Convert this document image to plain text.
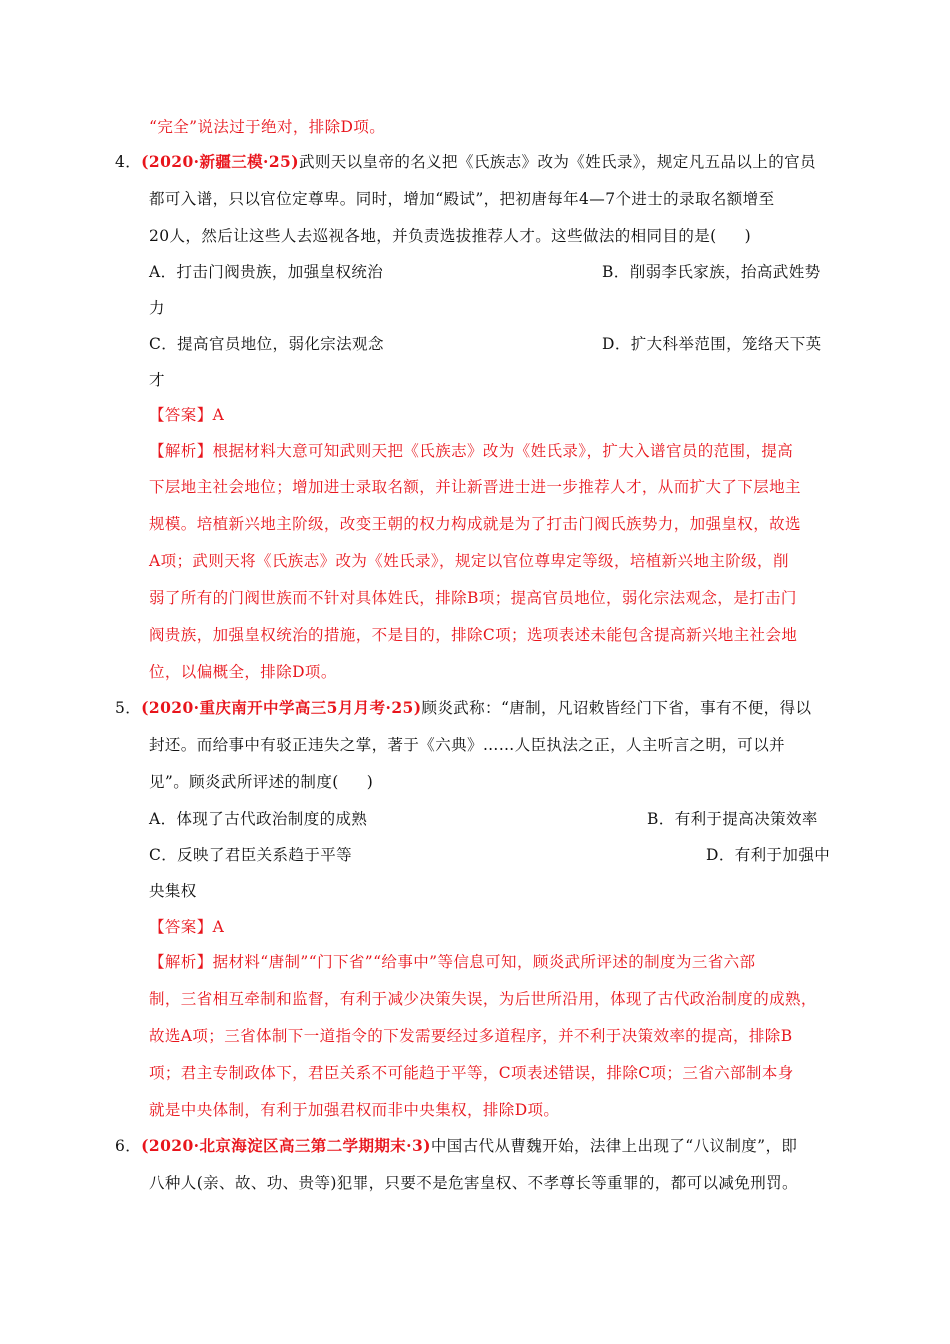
“完全”说法过于绝对，排除D项。
4．(2020·新疆三模·25)武则天以皇帝的名义把《氏族志》改为《姓氏录》，规定凡五品以上的官员
都可入谱，只以官位定尊卑。同时，增加“殿试”，把初唐每年4—7个进士的录取名额增至
20人，然后让这些人去巡视各地，并负责选拔推荐人才。这些做法的相同目的是( )
A．打击门阀贵族，加强皇权统治	B．削弱李氏家族，抬高武姓势
力
C．提高官员地位，弱化宗法观念	D．扩大科举范围，笼络天下英
才
【答案】A
【解析】根据材料大意可知武则天把《氏族志》改为《姓氏录》，扩大入谱官员的范围，提高
下层地主社会地位；增加进士录取名额，并让新晋进士进一步推荐人才，从而扩大了下层地主
规模。培植新兴地主阶级，改变王朝的权力构成就是为了打击门阀氏族势力，加强皇权，故选
A项；武则天将《氏族志》改为《姓氏录》，规定以官位尊卑定等级，培植新兴地主阶级，削
弱了所有的门阀世族而不针对具体姓氏，排除B项；提高官员地位，弱化宗法观念，是打击门
阀贵族，加强皇权统治的措施，不是目的，排除C项；选项表述未能包含提高新兴地主社会地
位，以偏概全，排除D项。
5．(2020·重庆南开中学高三5月月考·25)顾炎武称：“唐制，凡诏敕皆经门下省，事有不便，得以
封还。而给事中有驳正违失之掌，著于《六典》……人臣执法之正，人主听言之明，可以并
见”。顾炎武所评述的制度( )
A．体现了古代政治制度的成熟	B．有利于提高决策效率
C．反映了君臣关系趋于平等	D．有利于加强中
央集权
【答案】A
【解析】据材料“唐制”“门下省”“给事中”等信息可知，顾炎武所评述的制度为三省六部
制，三省相互牵制和监督，有利于减少决策失误，为后世所沿用，体现了古代政治制度的成熟，
故选A项；三省体制下一道指令的下发需要经过多道程序，并不利于决策效率的提高，排除B
项；君主专制政体下，君臣关系不可能趋于平等，C项表述错误，排除C项；三省六部制本身
就是中央体制，有利于加强君权而非中央集权，排除D项。
6．(2020·北京海淀区高三第二学期期末·3)中国古代从曹魏开始，法律上出现了“八议制度”，即
八种人(亲、故、功、贵等)犯罪，只要不是危害皇权、不孝尊长等重罪的，都可以减免刑罚。
